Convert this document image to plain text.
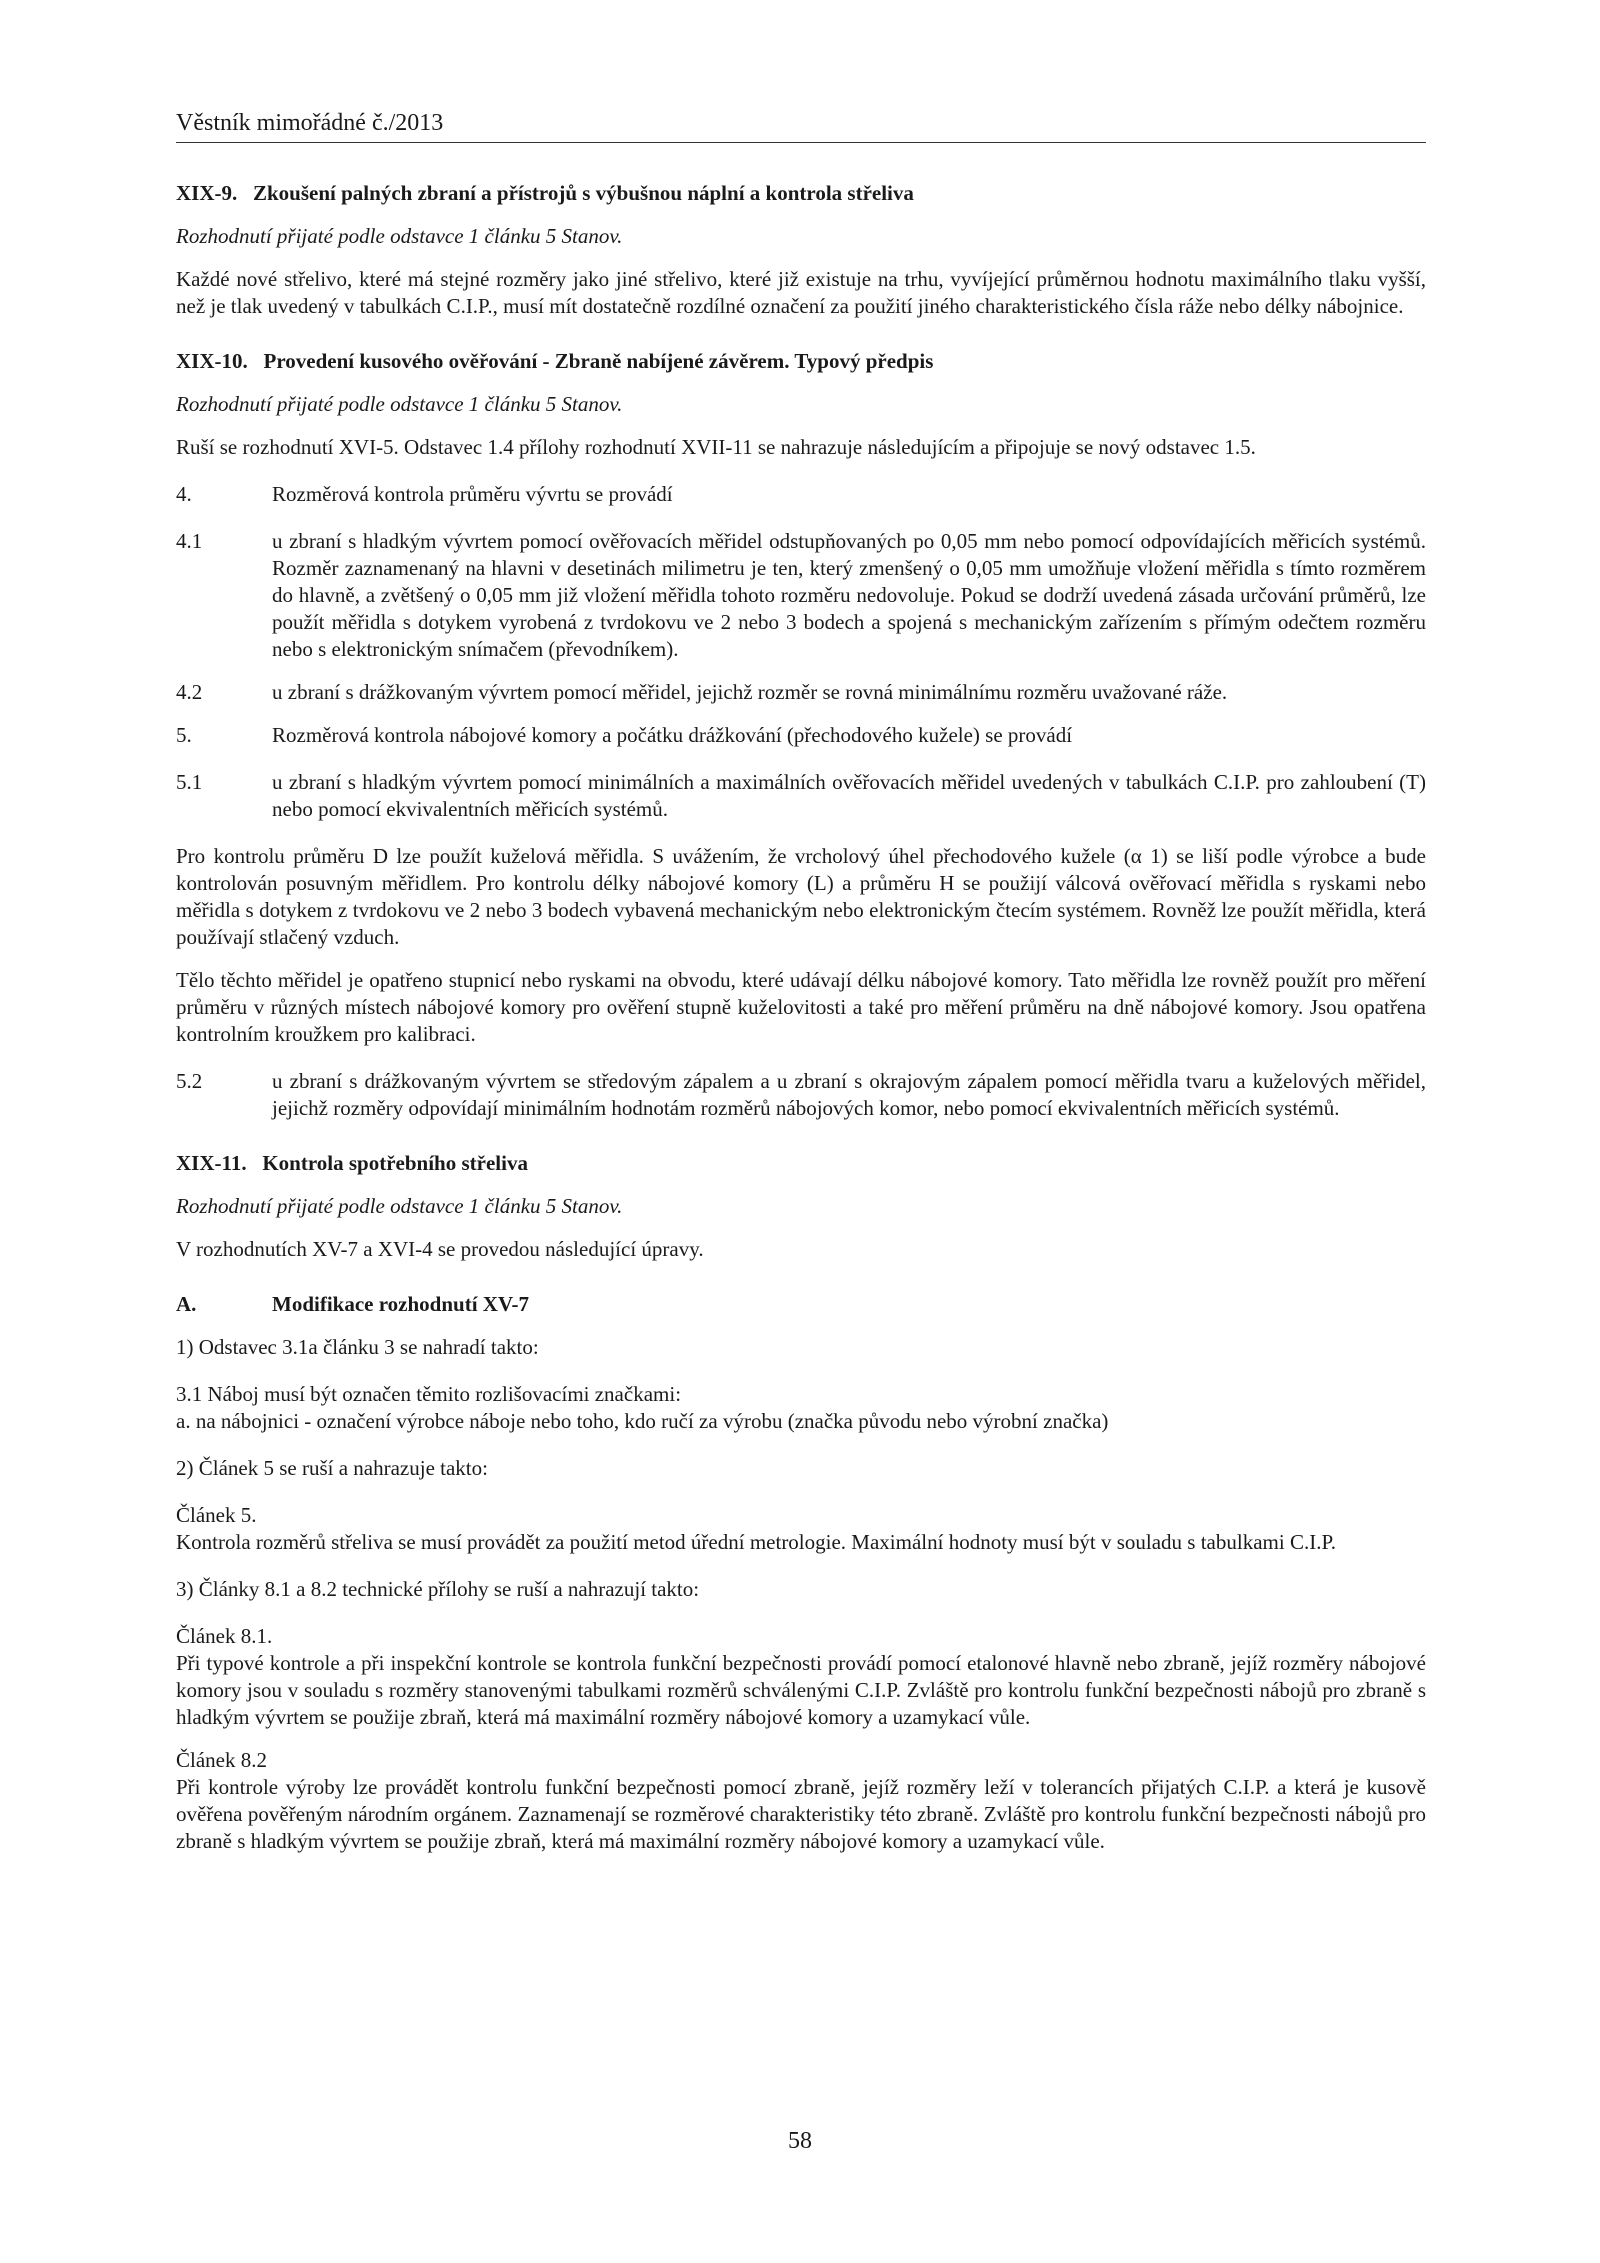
Věstník mimořádné č./2013
XIX-9. Zkoušení palných zbraní a přístrojů s výbušnou náplní a kontrola střeliva

Rozhodnutí přijaté podle odstavce 1 článku 5 Stanov.

Každé nové střelivo, které má stejné rozměry jako jiné střelivo, které již existuje na trhu, vyvíjející průměrnou hodnotu maximálního tlaku vyšší, než je tlak uvedený v tabulkách C.I.P., musí mít dostatečně rozdílné označení za použití jiného charakteristického čísla ráže nebo délky nábojnice.

XIX-10. Provedení kusového ověřování - Zbraně nabíjené závěrem. Typový předpis

Rozhodnutí přijaté podle odstavce 1 článku 5 Stanov.

Ruší se rozhodnutí XVI-5. Odstavec 1.4 přílohy rozhodnutí XVII-11 se nahrazuje následujícím a připojuje se nový odstavec 1.5.

4.	Rozměrová kontrola průměru vývrtu se provádí
4.1	u zbraní s hladkým vývrtem pomocí ověřovacích měřidel odstupňovaných po 0,05 mm nebo pomocí odpovídajících měřicích systémů. Rozměr zaznamenaný na hlavni v desetinách milimetru je ten, který zmenšený o 0,05 mm umožňuje vložení měřidla s tímto rozměrem do hlavně, a zvětšený o 0,05 mm již vložení měřidla tohoto rozměru nedovoluje. Pokud se dodrží uvedená zásada určování průměrů, lze použít měřidla s dotykem vyrobená z tvrdokovu ve 2 nebo 3 bodech a spojená s mechanickým zařízením s přímým odečtem rozměru nebo s elektronickým snímačem (převodníkem).
4.2	u zbraní s drážkovaným vývrtem pomocí měřidel, jejichž rozměr se rovná minimálnímu rozměru uvažované ráže.
5.	Rozměrová kontrola nábojové komory a počátku drážkování (přechodového kužele) se provádí
5.1	u zbraní s hladkým vývrtem pomocí minimálních a maximálních ověřovacích měřidel uvedených v tabulkách C.I.P. pro zahloubení (T) nebo pomocí ekvivalentních měřicích systémů.

Pro kontrolu průměru D lze použít kuželová měřidla. S uvážením, že vrcholový úhel přechodového kužele (α 1) se liší podle výrobce a bude kontrolován posuvným měřidlem. Pro kontrolu délky nábojové komory (L) a průměru H se použijí válcová ověřovací měřidla s ryskami nebo měřidla s dotykem z tvrdokovu ve 2 nebo 3 bodech vybavená mechanickým nebo elektronickým čtecím systémem. Rovněž lze použít měřidla, která používají stlačený vzduch.

Tělo těchto měřidel je opatřeno stupnicí nebo ryskami na obvodu, které udávají délku nábojové komory. Tato měřidla lze rovněž použít pro měření průměru v různých místech nábojové komory pro ověření stupně kuželovitosti a také pro měření průměru na dně nábojové komory. Jsou opatřena kontrolním kroužkem pro kalibraci.

5.2	u zbraní s drážkovaným vývrtem se středovým zápalem a u zbraní s okrajovým zápalem pomocí měřidla tvaru a kuželových měřidel, jejichž rozměry odpovídají minimálním hodnotám rozměrů nábojových komor, nebo pomocí ekvivalentních měřicích systémů.
XIX-11. Kontrola spotřebního střeliva

Rozhodnutí přijaté podle odstavce 1 článku 5 Stanov.

V rozhodnutích XV-7 a XVI-4 se provedou následující úpravy.

A.	Modifikace rozhodnutí XV-7

1) Odstavec 3.1a článku 3 se nahradí takto:

3.1 Náboj musí být označen těmito rozlišovacími značkami:

a. na nábojnici - označení výrobce náboje nebo toho, kdo ručí za výrobu (značka původu nebo výrobní značka)

2) Článek 5 se ruší a nahrazuje takto:

Článek 5.

Kontrola rozměrů střeliva se musí provádět za použití metod úřední metrologie. Maximální hodnoty musí být v souladu s tabulkami C.I.P.

3) Články 8.1 a 8.2 technické přílohy se ruší a nahrazují takto:

Článek 8.1.

Při typové kontrole a při inspekční kontrole se kontrola funkční bezpečnosti provádí pomocí etalonové hlavně nebo zbraně, jejíž rozměry nábojové komory jsou v souladu s rozměry stanovenými tabulkami rozměrů schválenými C.I.P. Zvláště pro kontrolu funkční bezpečnosti nábojů pro zbraně s hladkým vývrtem se použije zbraň, která má maximální rozměry nábojové komory a uzamykací vůle.

Článek 8.2

Při kontrole výroby lze provádět kontrolu funkční bezpečnosti pomocí zbraně, jejíž rozměry leží v tolerancích přijatých C.I.P. a která je kusově ověřena pověřeným národním orgánem. Zaznamenají se rozměrové charakteristiky této zbraně. Zvláště pro kontrolu funkční bezpečnosti nábojů pro zbraně s hladkým vývrtem se použije zbraň, která má maximální rozměry nábojové komory a uzamykací vůle.

58
